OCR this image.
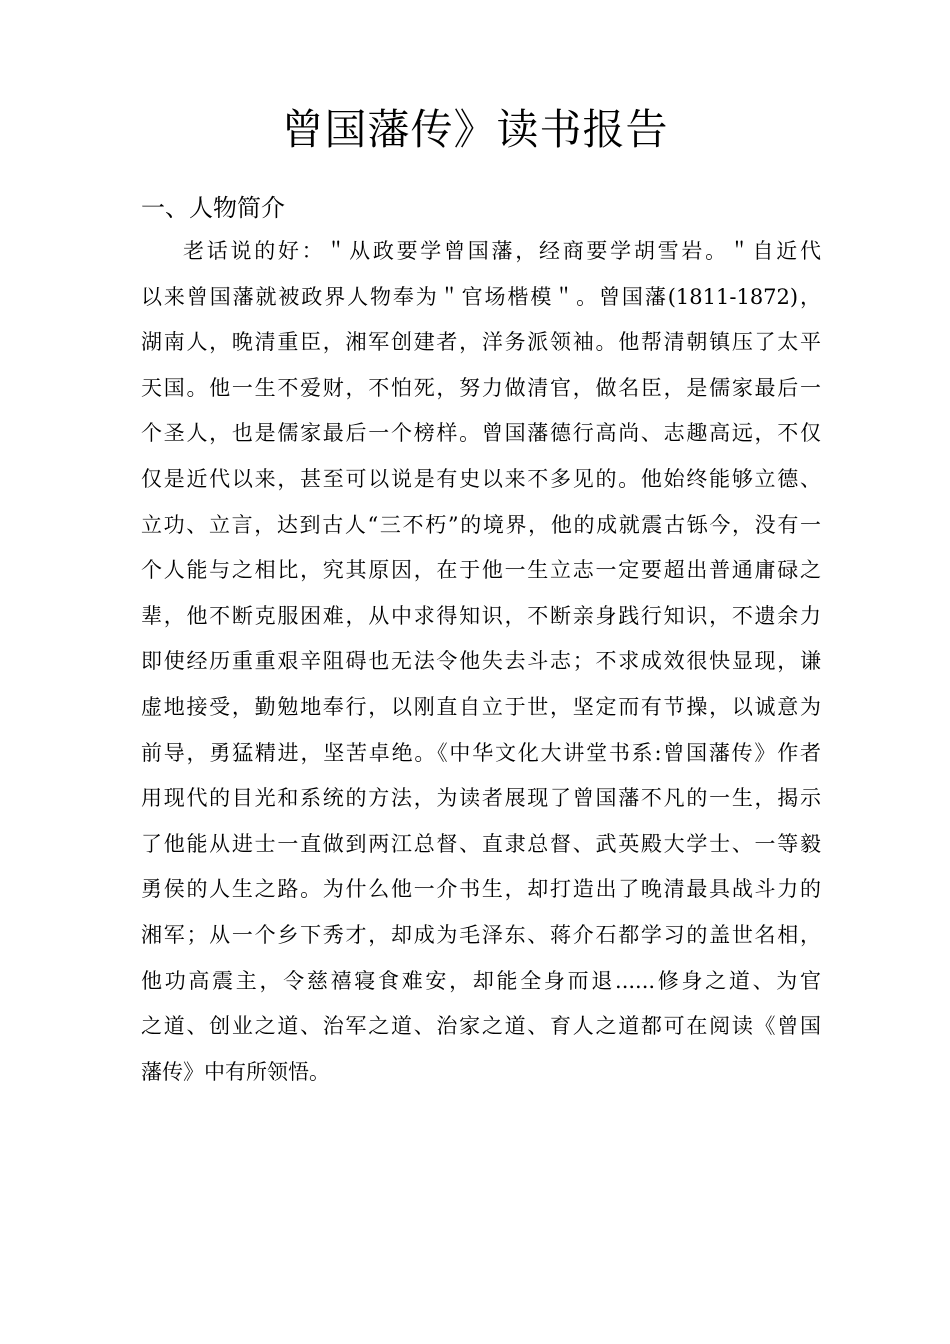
曾国藩传》读书报告
一、人物简介
老话说的好：＂从政要学曾国藩，经商要学胡雪岩。＂自近代
以来曾国藩就被政界人物奉为＂官场楷模＂。曾国藩(1811-1872)，
湖南人，晚清重臣，湘军创建者，洋务派领袖。他帮清朝镇压了太平
天国。他一生不爱财，不怕死，努力做清官，做名臣，是儒家最后一
个圣人，也是儒家最后一个榜样。曾国藩德行高尚、志趣高远，不仅
仅是近代以来，甚至可以说是有史以来不多见的。他始终能够立德、
立功、立言，达到古人“三不朽”的境界，他的成就震古铄今，没有一
个人能与之相比，究其原因，在于他一生立志一定要超出普通庸碌之
辈，他不断克服困难，从中求得知识，不断亲身践行知识，不遗余力
即使经历重重艰辛阻碍也无法令他失去斗志；不求成效很快显现，谦
虚地接受，勤勉地奉行，以刚直自立于世，坚定而有节操，以诚意为
前导，勇猛精进，坚苦卓绝。《中华文化大讲堂书系:曾国藩传》作者
用现代的目光和系统的方法，为读者展现了曾国藩不凡的一生，揭示
了他能从进士一直做到两江总督、直隶总督、武英殿大学士、一等毅
勇侯的人生之路。为什么他一介书生，却打造出了晚清最具战斗力的
湘军；从一个乡下秀才，却成为毛泽东、蒋介石都学习的盖世名相，
他功高震主，令慈禧寝食难安，却能全身而退......修身之道、为官
之道、创业之道、治军之道、治家之道、育人之道都可在阅读《曾国
藩传》中有所领悟。
